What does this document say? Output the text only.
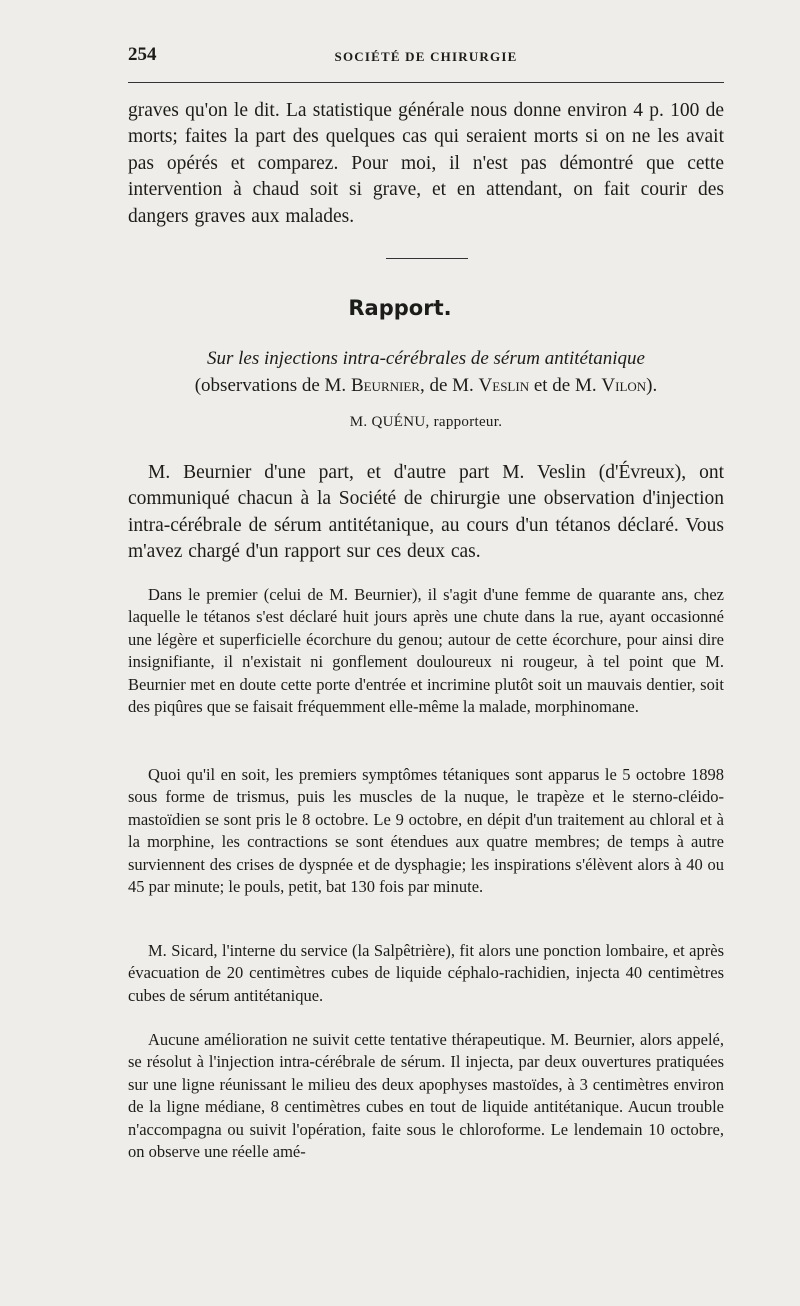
254	SOCIÉTÉ DE CHIRURGIE

graves qu'on le dit. La statistique générale nous donne environ 4 p. 100 de morts; faites la part des quelques cas qui seraient morts si on ne les avait pas opérés et comparez. Pour moi, il n'est pas démontré que cette intervention à chaud soit si grave, et en attendant, on fait courir des dangers graves aux malades.

Rapport.
Sur les injections intra-cérébrales de sérum antitétanique
(observations de M. Beurnier, de M. Veslin et de M. Vilon).
M. QUÉNU, rapporteur.

M. Beurnier d'une part, et d'autre part M. Veslin (d'Évreux), ont communiqué chacun à la Société de chirurgie une observation d'injection intra-cérébrale de sérum antitétanique, au cours d'un tétanos déclaré. Vous m'avez chargé d'un rapport sur ces deux cas.

Dans le premier (celui de M. Beurnier), il s'agit d'une femme de quarante ans, chez laquelle le tétanos s'est déclaré huit jours après une chute dans la rue, ayant occasionné une légère et superficielle écorchure du genou; autour de cette écorchure, pour ainsi dire insignifiante, il n'existait ni gonflement douloureux ni rougeur, à tel point que M. Beurnier met en doute cette porte d'entrée et incrimine plutôt soit un mauvais dentier, soit des piqûres que se faisait fréquemment elle-même la malade, morphinomane.

Quoi qu'il en soit, les premiers symptômes tétaniques sont apparus le 5 octobre 1898 sous forme de trismus, puis les muscles de la nuque, le trapèze et le sterno-cléido-mastoïdien se sont pris le 8 octobre. Le 9 octobre, en dépit d'un traitement au chloral et à la morphine, les contractions se sont étendues aux quatre membres; de temps à autre surviennent des crises de dyspnée et de dysphagie; les inspirations s'élèvent alors à 40 ou 45 par minute; le pouls, petit, bat 130 fois par minute.

M. Sicard, l'interne du service (la Salpêtrière), fit alors une ponction lombaire, et après évacuation de 20 centimètres cubes de liquide céphalo-rachidien, injecta 40 centimètres cubes de sérum antitétanique.

Aucune amélioration ne suivit cette tentative thérapeutique. M. Beurnier, alors appelé, se résolut à l'injection intra-cérébrale de sérum. Il injecta, par deux ouvertures pratiquées sur une ligne réunissant le milieu des deux apophyses mastoïdes, à 3 centimètres environ de la ligne médiane, 8 centimètres cubes en tout de liquide antitétanique. Aucun trouble n'accompagna ou suivit l'opération, faite sous le chloroforme. Le lendemain 10 octobre, on observe une réelle amé-
